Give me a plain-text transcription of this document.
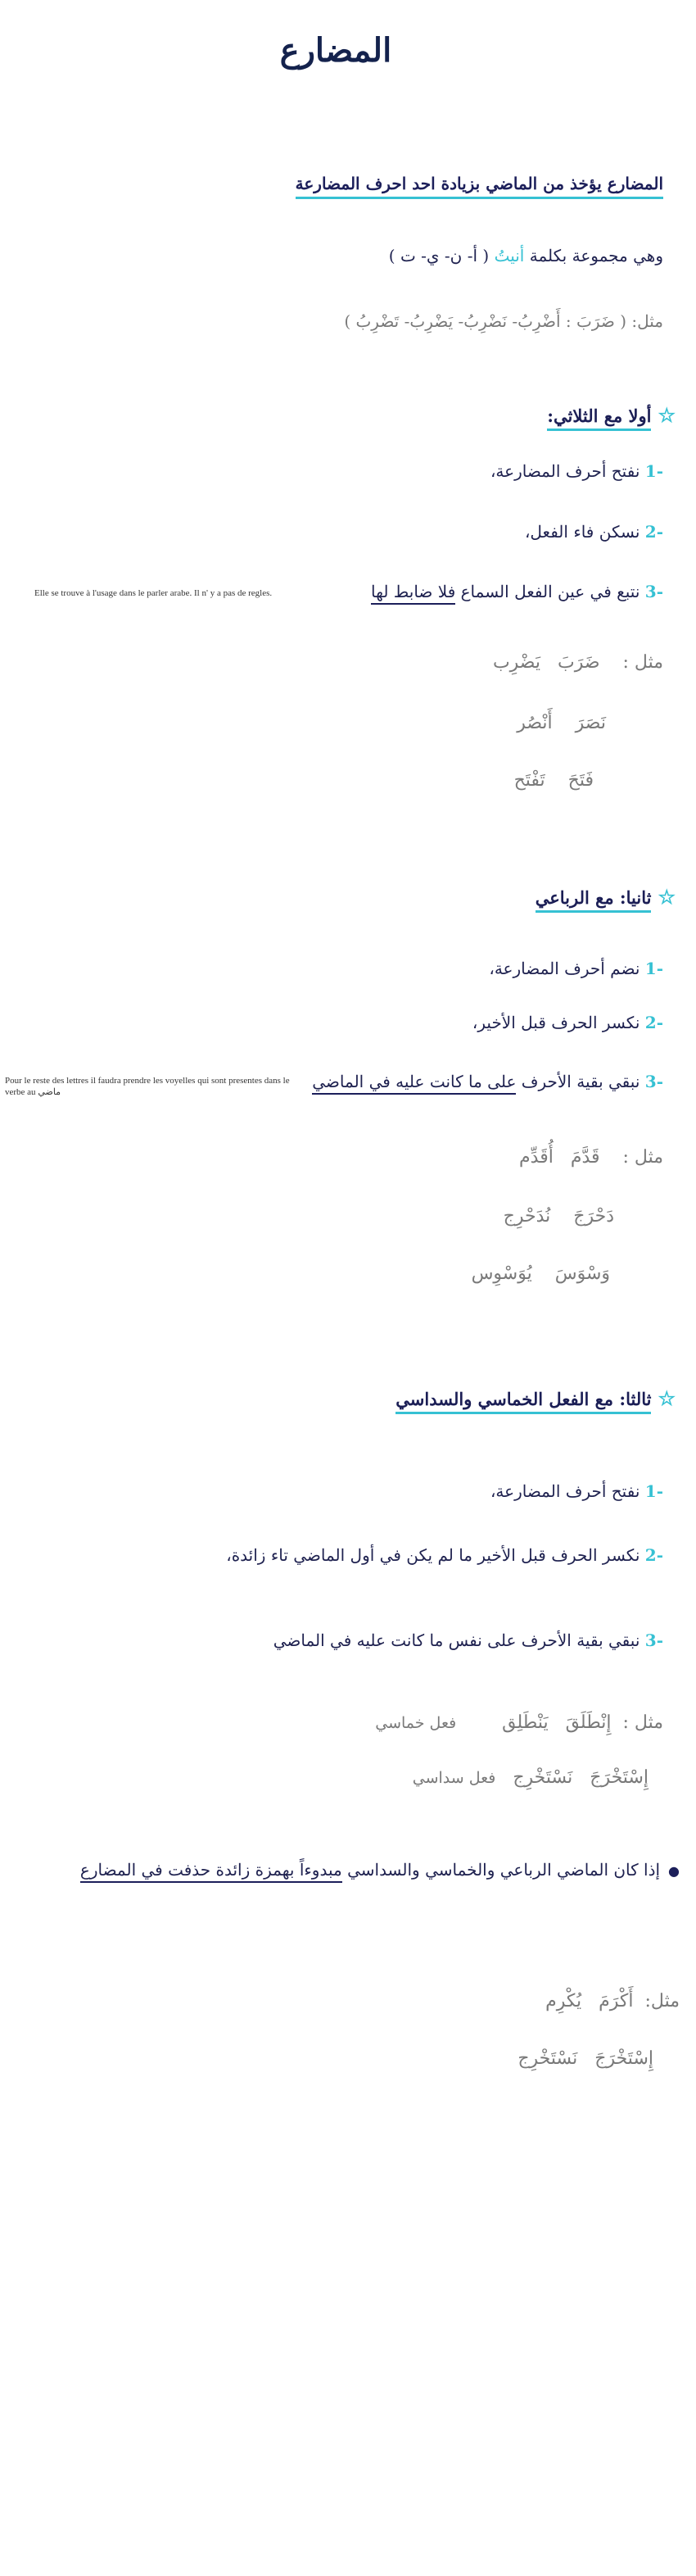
المضارع
المضارع يؤخذ من الماضي بزيادة احد احرف المضارعة
وهي مجموعة بكلمة أنيتُ ( أ- ن- ي- ت )
مثل: ( ضَرَبَ : أَضْرِبُ- نَضْرِبُ- يَضْرِبُ- تَضْرِبُ )
☆أولا مع الثلاثي:
-1 نفتح أحرف المضارعة،
-2 نسكن فاء الفعل،
-3 نتبع في عين الفعل السماع فلا ضابط لها
Elle se trouve à l'usage dans le parler arabe. Il n' y a pas de regles.
مثل :    ضَرَبَ   يَضْرِب
نَصَرَ    أَنْصُر
فَتَحَ    تَفْتَح
☆ثانيا: مع الرباعي
-1 نضم أحرف المضارعة،
-2 نكسر الحرف قبل الأخير،
-3 نبقي بقية الأحرف على ما كانت عليه في الماضي
Pour le reste des lettres il faudra prendre les voyelles qui sont presentes dans le verbe au ماضي
مثل :    قَدَّمَ   أُقَدِّم
دَحْرَجَ    نُدَحْرِج
وَسْوَسَ    يُوَسْوِس
☆ثالثا: مع الفعل الخماسي والسداسي
-1 نفتح أحرف المضارعة،
-2 نكسر الحرف قبل الأخير ما لم يكن في أول الماضي تاء زائدة،
-3 نبقي بقية الأحرف على نفس ما كانت عليه في الماضي
مثل :  إِنْطَلَقَ   يَنْطَلِق        فعل خماسي
إِسْتَخْرَجَ   نَسْتَخْرِج   فعل سداسي
●إذا كان الماضي الرباعي والخماسي والسداسي مبدوءاً بهمزة زائدة حذفت في المضارع
مثل:  أَكْرَمَ   يُكْرِم
إِسْتَخْرَجَ   نَسْتَخْرِج
